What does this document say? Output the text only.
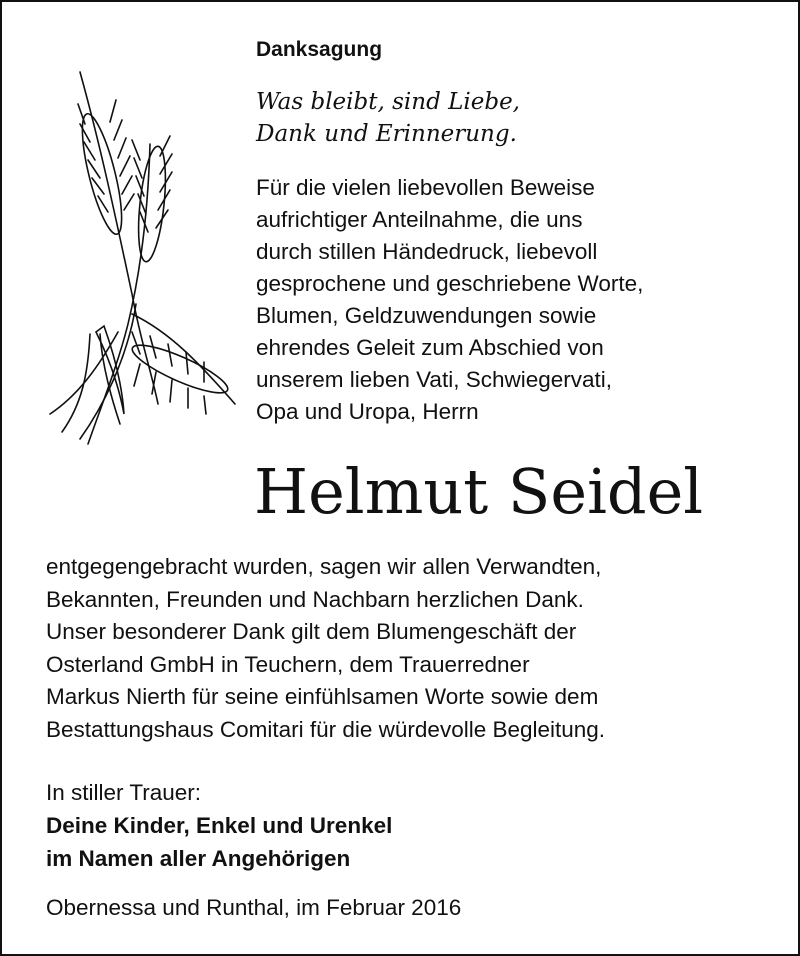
Danksagung
Was bleibt, sind Liebe,
Dank und Erinnerung.
Für die vielen liebevollen Beweise
aufrichtiger Anteilnahme, die uns
durch stillen Händedruck, liebevoll
gesprochene und geschriebene Worte,
Blumen, Geldzuwendungen sowie
ehrendes Geleit zum Abschied von
unserem lieben Vati, Schwiegervati,
Opa und Uropa, Herrn
Helmut Seidel
entgegengebracht wurden, sagen wir allen Verwandten,
Bekannten, Freunden und Nachbarn herzlichen Dank.
Unser besonderer Dank gilt dem Blumengeschäft der
Osterland GmbH in Teuchern, dem Trauerredner
Markus Nierth für seine einfühlsamen Worte sowie dem
Bestattungshaus Comitari für die würdevolle Begleitung.
In stiller Trauer:
Deine Kinder, Enkel und Urenkel
im Namen aller Angehörigen
Obernessa und Runthal, im Februar 2016
